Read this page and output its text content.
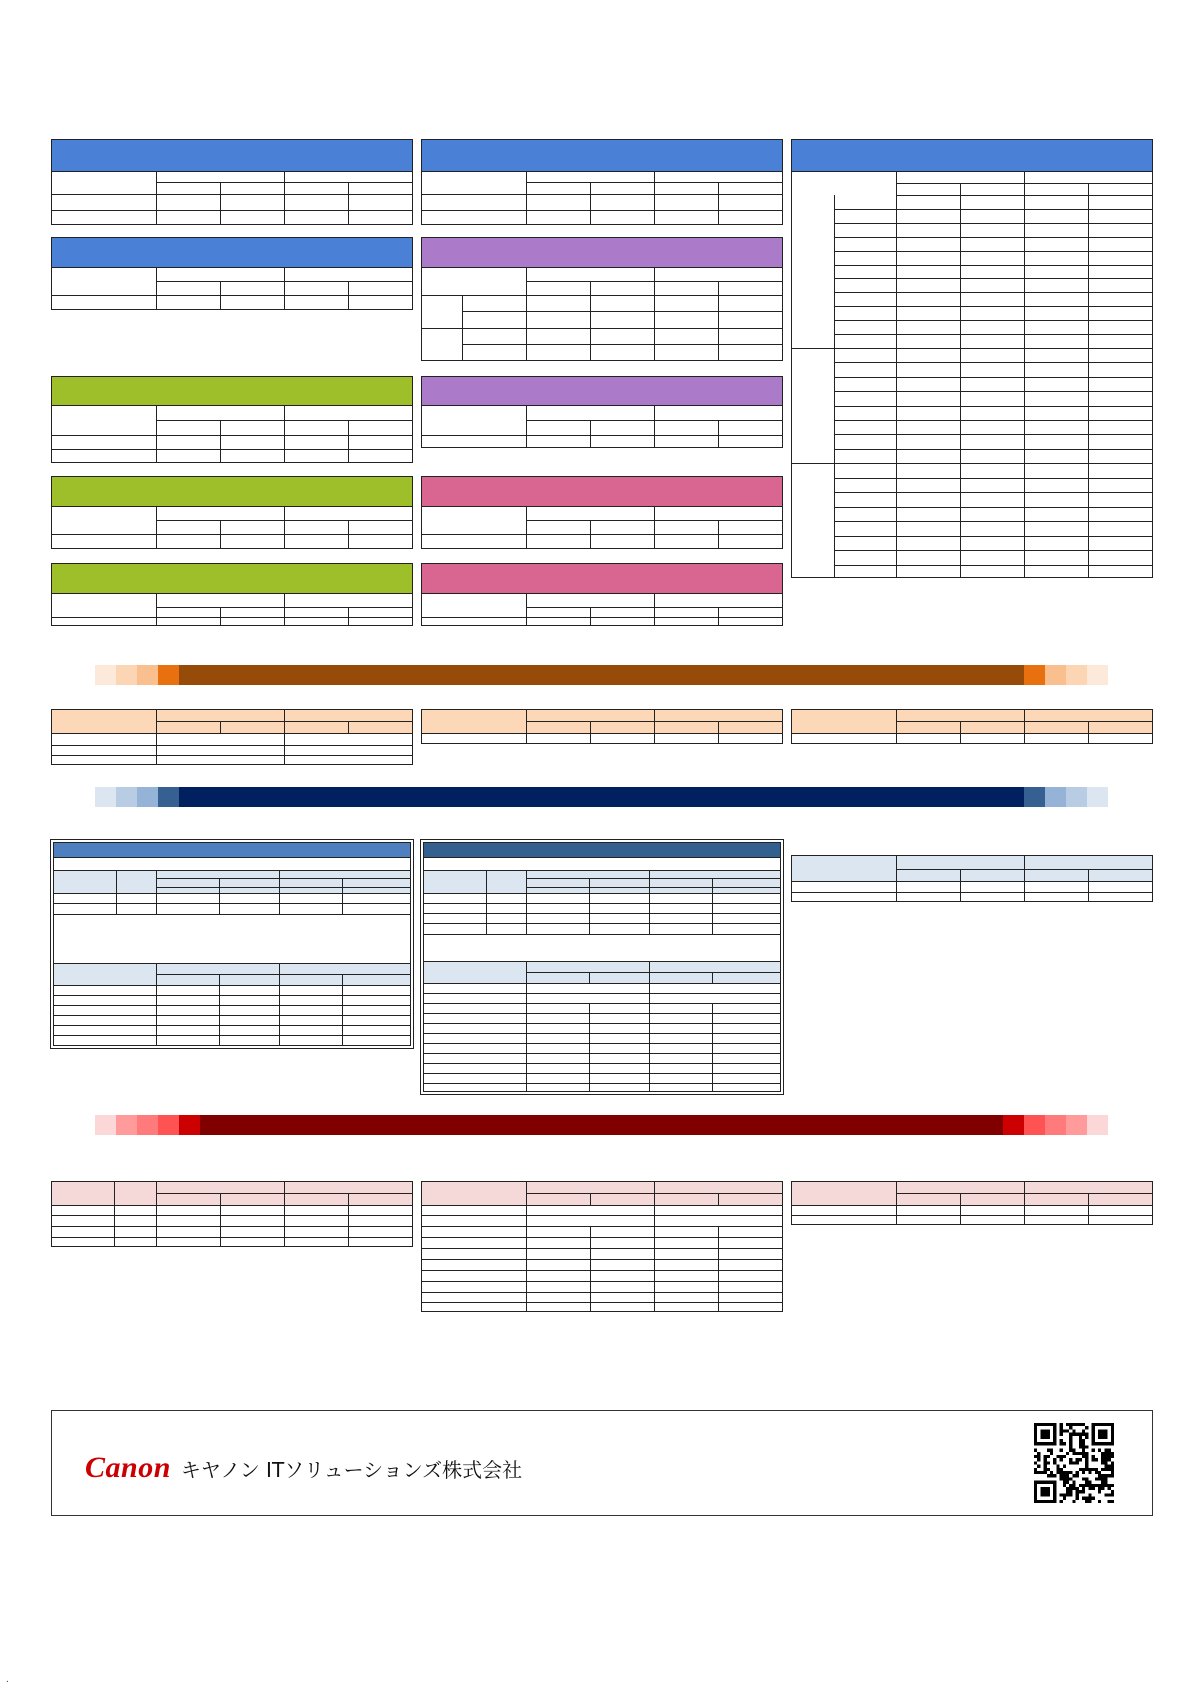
Canon キヤノン ITソリューションズ株式会社
.
